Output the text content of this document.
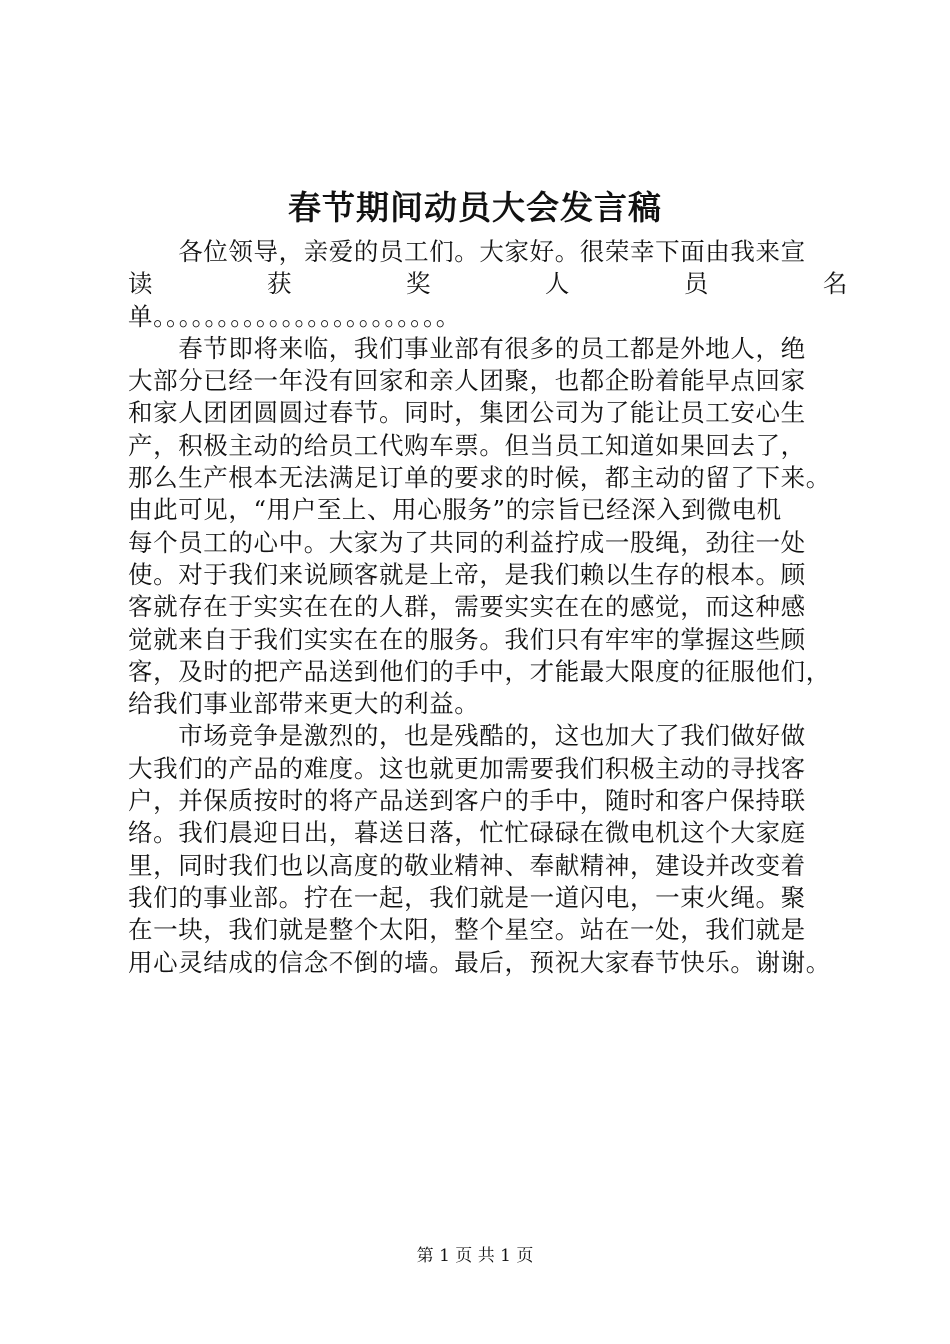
春节期间动员大会发言稿
　　各位领导，亲爱的员工们。大家好。很荣幸下面由我来宣
读　　　获　　　奖　　　人　　　员　　　名
单。。。。。。。。。。。。。。。。。。。。。。。
　　春节即将来临，我们事业部有很多的员工都是外地人，绝
大部分已经一年没有回家和亲人团聚，也都企盼着能早点回家
和家人团团圆圆过春节。同时，集团公司为了能让员工安心生
产，积极主动的给员工代购车票。但当员工知道如果回去了，
那么生产根本无法满足订单的要求的时候，都主动的留了下来。
由此可见，“用户至上、用心服务”的宗旨已经深入到微电机
每个员工的心中。大家为了共同的利益拧成一股绳，劲往一处
使。对于我们来说顾客就是上帝，是我们赖以生存的根本。顾
客就存在于实实在在的人群，需要实实在在的感觉，而这种感
觉就来自于我们实实在在的服务。我们只有牢牢的掌握这些顾
客，及时的把产品送到他们的手中，才能最大限度的征服他们，
给我们事业部带来更大的利益。
　　市场竞争是激烈的，也是残酷的，这也加大了我们做好做
大我们的产品的难度。这也就更加需要我们积极主动的寻找客
户，并保质按时的将产品送到客户的手中，随时和客户保持联
络。我们晨迎日出，暮送日落，忙忙碌碌在微电机这个大家庭
里，同时我们也以高度的敬业精神、奉献精神，建设并改变着
我们的事业部。拧在一起，我们就是一道闪电，一束火绳。聚
在一块，我们就是整个太阳，整个星空。站在一处，我们就是
用心灵结成的信念不倒的墙。最后，预祝大家春节快乐。谢谢。
第 1 页 共 1 页
